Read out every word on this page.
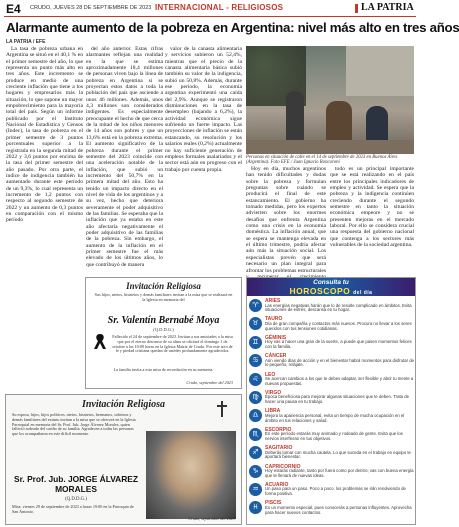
E4 CRUDO, JUEVES 28 DE SEPTIEMBRE DE 2023 INTERNACIONAL - RELIGIOSOS	LA PATRIA
Alarmante aumento de la pobreza en Argentina: nivel más alto en tres años
LA PATRIA / EFE

La tasa de pobreza urbana en Argentina se situó en el 40,1 % en el primer semestre del año, lo que representa un punto más alto en tres años. Este incremento se produce en medio de una creciente inflación que tiene a los hogares y empresarios más la situación, lo que supone un mayor empobrecimiento para la mayoría total del país. Según un informe publicado por el Instituto Nacional de Estadística y Censos (Indec), la tasa de pobreza en el primer semestre de 3 puntos porcentuales superior a la registrada en la segunda mitad de 2022 y 3,6 puntos por encima de la tasa del primer semestre del año pasado. Por otra parte, el índice de indigencia también ha aumentado durante este período de un 9,3%, lo cual representa un incremento de 1,2 puntos con respecto al segundo semestre de 2022 y un aumento de 0,3 puntos en comparación con el mismo período

del año anterior. Estas cifras alarmantes reflejan una realidad en la que se estima aproximadamente 18,4 millones de personas viven bajo la línea de pobreza en Argentina si se proyectan estos datos a toda la población del país que asciende a unos 46 millones. Además, unos 4,3 millones son considerados indigentes. Es especialmente preocupante el hecho de que cerca de la mitad de los niños menores de 14 años son pobres y que un 13,6% está en la pobreza extrema. El aumento significativo de la pobreza durante el primer semestre del 2023 coincide con una aceleración notable de la inflación, que subió un incremento del 50,7% en la primera mitad del año. Esto ha tenido un impacto directo en el nivel de vida de los argentinos y a su vez, hecho que deteriora severamente el poder adquisitivo de las familias. Se esperaba que la inflación que ya estaba en este año afectaría negativamente el poder adquisitivo de las familias de la pobreza. Sin embargo, el aumento de la inflación en el primer semestre fue el más elevado de los últimos años, lo que contribuyó de manera

valor de la canasta alimentaria y servicios subieron un 52,4%, mientras que el precio de la canasta alimentaria básica subió también su valor de la indigencia, subió un 50,8%. Además, durante ese período, la economía argentina experimentó una caída del 2,9%. Aunque se registraron disminuciones en la tasa de desempleo (bajando a 6,2%), la actividad económica sigue sufriendo un fuerte impacto. Las proyecciones de inflación se están estancando, su resolución y los salarios reales (0,2%) actualmente no hay suficiente generación de empleos formales asalariados y el sector está aún en progreso con el trabajo por cuenta propia.	Hoy en día, muchos argentinos han tenido dificultades y dudas sobre la pobreza y formulan preguntas sobre cuándo se producirá el final de este estancamiento. El gobierno ha tomado medidas, pero los expertos advierten sobre los enormes desafíos que enfrenta Argentina como una crisis en la economía doméstica. La inflación anual, que se espera se mantenga elevada en el último trimestre, podría afectar aún más la situación social. Los especialistas prevén que será necesario un plan integral para afrontar los problemas estructurales

todo es un principal importante que se está realizando en el país entre los principales indicadores de empleo y actividad. Se espera que la pobreza y la indigencia continúen creciendo durante el segundo semestre en tanto la situación económica empeore y no se presenten mejoras en el mercado laboral. Por ello se considera crucial una respuesta del gobierno nacional que contenga a los sectores más vulnerables de la sociedad argentina.

Personas en situación de calle en el 14 de septiembre de 2023 en Buenos Aires (Argentina). Foto EFE / Juan Ignacio Roncoroni
Invitación Religiosa
Sus hijos, nietos, bisnietos y demás familiares invitan a la misa que se realizará en la Iglesia en memoria del
Sr. Valentín Bernabé Moya
(Q.D.D.G.)
Fallecido el 24 de septiembre de 2023. Invitan a sus amistades a la misa que por el eterno descanso de su alma se oficiará el domingo 1 de octubre a las 10:00 horas en la Iglesia Matriz de Crudo. Por este acto de fe y piedad cristiana quedan de ustedes profundamente agradecidos.
La familia invita a esta misa de recordación en su memoria.
Crudo, septiembre del 2023
Invitación Religiosa
Su esposa, hijos, hijos políticos, nietos, bisnietos, hermanos, sobrinos y demás familiares del extinto invitan a la misa que se ofrecerá en la Iglesia Parroquial en memoria del Sr. Prof. Jub. Jorge Álvarez Morales, quien falleció rodeado del cariño de su familia. Agradecen a todas las personas que los acompañaron en este difícil momento.
Sr. Prof. Jub. JORGE ÁLVAREZ MORALES
(Q.D.D.G.)
Misa: viernes 29 de septiembre de 2023 a horas 19:00 en la Parroquia de San Antonio.
Crudo, septiembre del 2023
Consulta tu
HOROSCOPO del día
♈	ARIES
Las energías negativas harán que lo de resulte complicado en ámbitos. Evita situaciones de estrés, descansa en tu hogar.
♉	TAURO
Día de gran compañía y contactos más nuevos. Procura no llevar a los seres queridos con tus tensiones cotidianas.
♊	GÉMINIS
Hoy vas a hacer una gran de la suerte, a puede que pasen momentos felices con la familia.
♋	CÁNCER
Aún viendo días de acción y en el bienestar habrá momentos para disfrutar de lo pequeño, relájate.
♌	LEO
Se acercan cambios a los que te debes adaptar, ser flexible y abrir tu mente a nuevas propuestas.
♍	VIRGO
Época beneficiosa para mejorar algunas situaciones que te deben. Trata de hacer una pausa en tu trabajo.
♎	LIBRA
Mejora la apariencia personal, evita un tiempo de mucha ocupación en el ámbito en tus relaciones y salud.
♏	ESCORPIO
En este período estarás muy animado y rodeado de gente. Evita que los nervios interfieran en tus objetivos.
♐	SAGITARIO
Deberás tomar con mucha cautela. Lo que suceda en el trabajo en equipo te aportará bienestar.
♑	CAPRICORNIO
Hoy estarás radiante, tanto por fuera como por dentro; vas con buena energía que te llenará de nuevas ideas.
♒	ACUARIO
Un paso para un paso. Poco a poco, los problemas se irán resolviendo de forma positiva.
♓	PISCIS
Es un momento especial, pues conocerás a personas influyentes. Aprovecha para hacer nuevos contactos.
